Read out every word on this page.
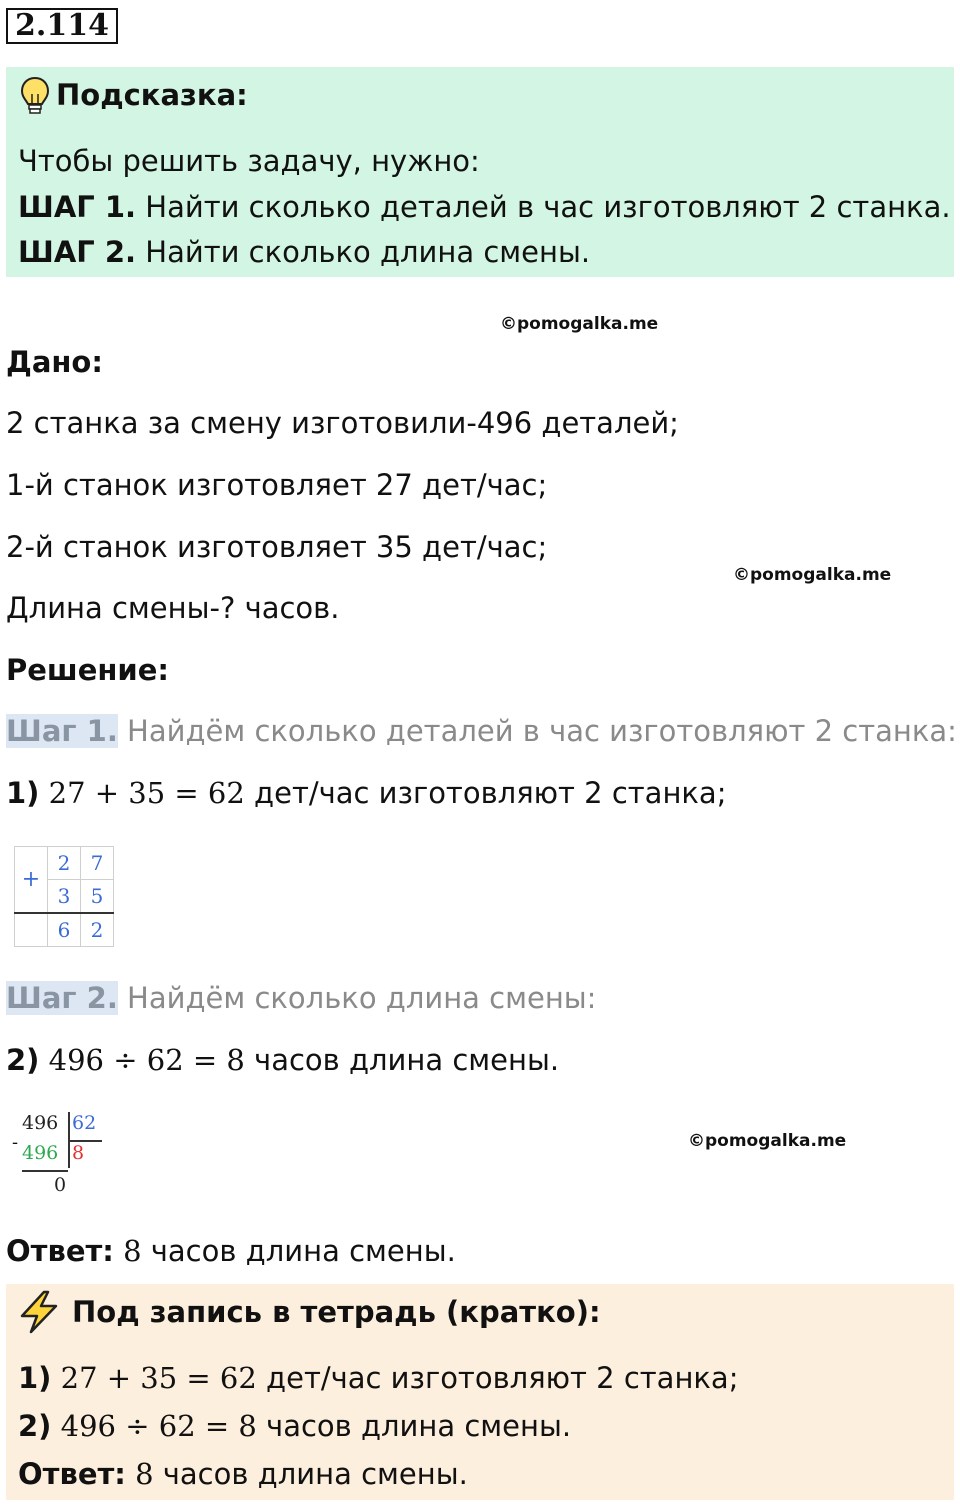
2.114
Подсказка:
Чтобы решить задачу, нужно:
ШАГ 1. Найти сколько деталей в час изготовляют 2 станка.
ШАГ 2. Найти сколько длина смены.
©pomogalka.me
Дано:
2 станка за смену изготовили-496 деталей;
1-й станок изготовляет 27 дет/час;
2-й станок изготовляет 35 дет/час;
©pomogalka.me
Длина смены-? часов.
Решение:
Шаг 1. Найдём сколько деталей в час изготовляют 2 станка:
1) 27 + 35 = 62 дет/час изготовляют 2 станка;
+	2	7
	3	5
	6	2
Шаг 2. Найдём сколько длина смены:
2) 496 ÷ 62 = 8 часов длина смены.
-
496 62
496 8
0
©pomogalka.me
Ответ: 8 часов длина смены.
Под запись в тетрадь (кратко):
1) 27 + 35 = 62 дет/час изготовляют 2 станка;
2) 496 ÷ 62 = 8 часов длина смены.
Ответ: 8 часов длина смены.
